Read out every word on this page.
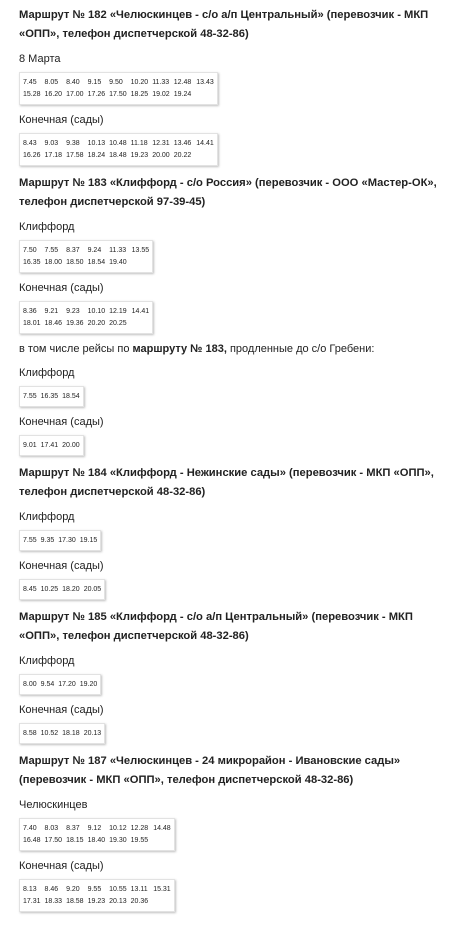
Маршрут № 182 «Челюскинцев - с/о а/п Центральный» (перевозчик - МКП «ОПП», телефон диспетчерской 48-32-86)
8 Марта
7.45	8.05	8.40	9.15	9.50	10.20	11.33	12.48	13.43
15.28	16.20	17.00	17.26	17.50	18.25	19.02	19.24	
Конечная (сады)
8.43	9.03	9.38	10.13	10.48	11.18	12.31	13.46	14.41
16.26	17.18	17.58	18.24	18.48	19.23	20.00	20.22	
Маршрут № 183 «Клиффорд - с/о Россия» (перевозчик - ООО «Мастер-ОК», телефон диспетчерской 97-39-45)
Клиффорд
7.50	7.55	8.37	9.24	11.33	13.55
16.35	18.00	18.50	18.54	19.40	
Конечная (сады)
8.36	9.21	9.23	10.10	12.19	14.41
18.01	18.46	19.36	20.20	20.25	
в том числе рейсы по маршруту № 183, продленные до с/о Гребени:
Клиффорд
7.55	16.35	18.54
Конечная (сады)
9.01	17.41	20.00
Маршрут № 184 «Клиффорд - Нежинские сады» (перевозчик - МКП «ОПП», телефон диспетчерской 48-32-86)
Клиффорд
7.55	9.35	17.30	19.15
Конечная (сады)
8.45	10.25	18.20	20.05
Маршрут № 185 «Клиффорд - с/о а/п Центральный» (перевозчик - МКП «ОПП», телефон диспетчерской 48-32-86)
Клиффорд
8.00	9.54	17.20	19.20
Конечная (сады)
8.58	10.52	18.18	20.13
Маршрут № 187 «Челюскинцев - 24 микрорайон - Ивановские сады» (перевозчик - МКП «ОПП», телефон диспетчерской 48-32-86)
Челюскинцев
7.40	8.03	8.37	9.12	10.12	12.28	14.48
16.48	17.50	18.15	18.40	19.30	19.55	
Конечная (сады)
8.13	8.46	9.20	9.55	10.55	13.11	15.31
17.31	18.33	18.58	19.23	20.13	20.36	
